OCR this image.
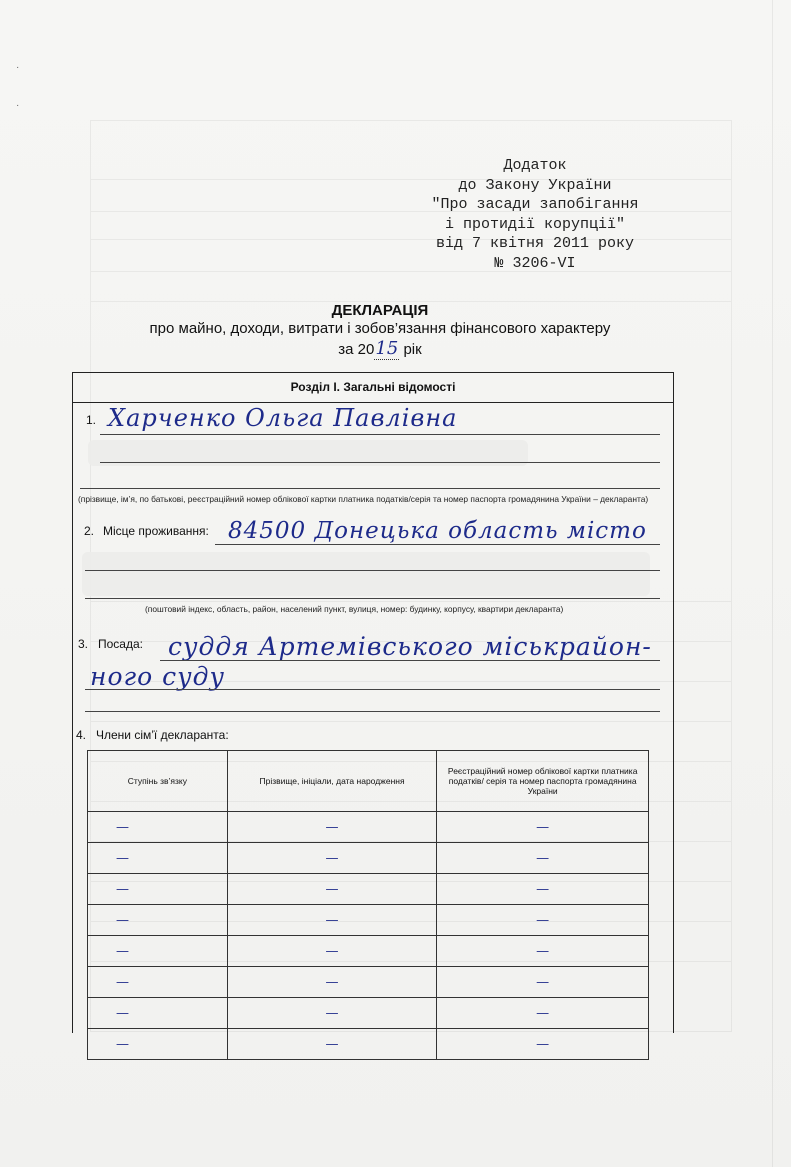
·
·
Додаток
до Закону України
"Про засади запобігання
і протидії корупції"
від 7 квітня 2011 року
№ 3206-VI
ДЕКЛАРАЦІЯ
про майно, доходи, витрати і зобов’язання фінансового характеру
за 2015 рік
Розділ I. Загальні відомості
1. Харченко Ольга Павлівна
(прізвище, ім’я, по батькові, реєстраційний номер облікової картки платника податків/серія та номер паспорта громадянина України – декларанта)
2. Місце проживання: 84500 Донецька область місто
(поштовий індекс, область, район, населений пункт, вулиця, номер: будинку, корпусу, квартири декларанта)
3. Посада: суддя Артемівського міськрайон-
ного суду
4. Члени сім’ї декларанта:
Ступінь зв’язку	Прізвище, ініціали, дата народження	Реєстраційний номер облікової картки платника податків/ серія та номер паспорта громадянина України
—	—	—
—	—	—
—	—	—
—	—	—
—	—	—
—	—	—
—	—	—
—	—	—
